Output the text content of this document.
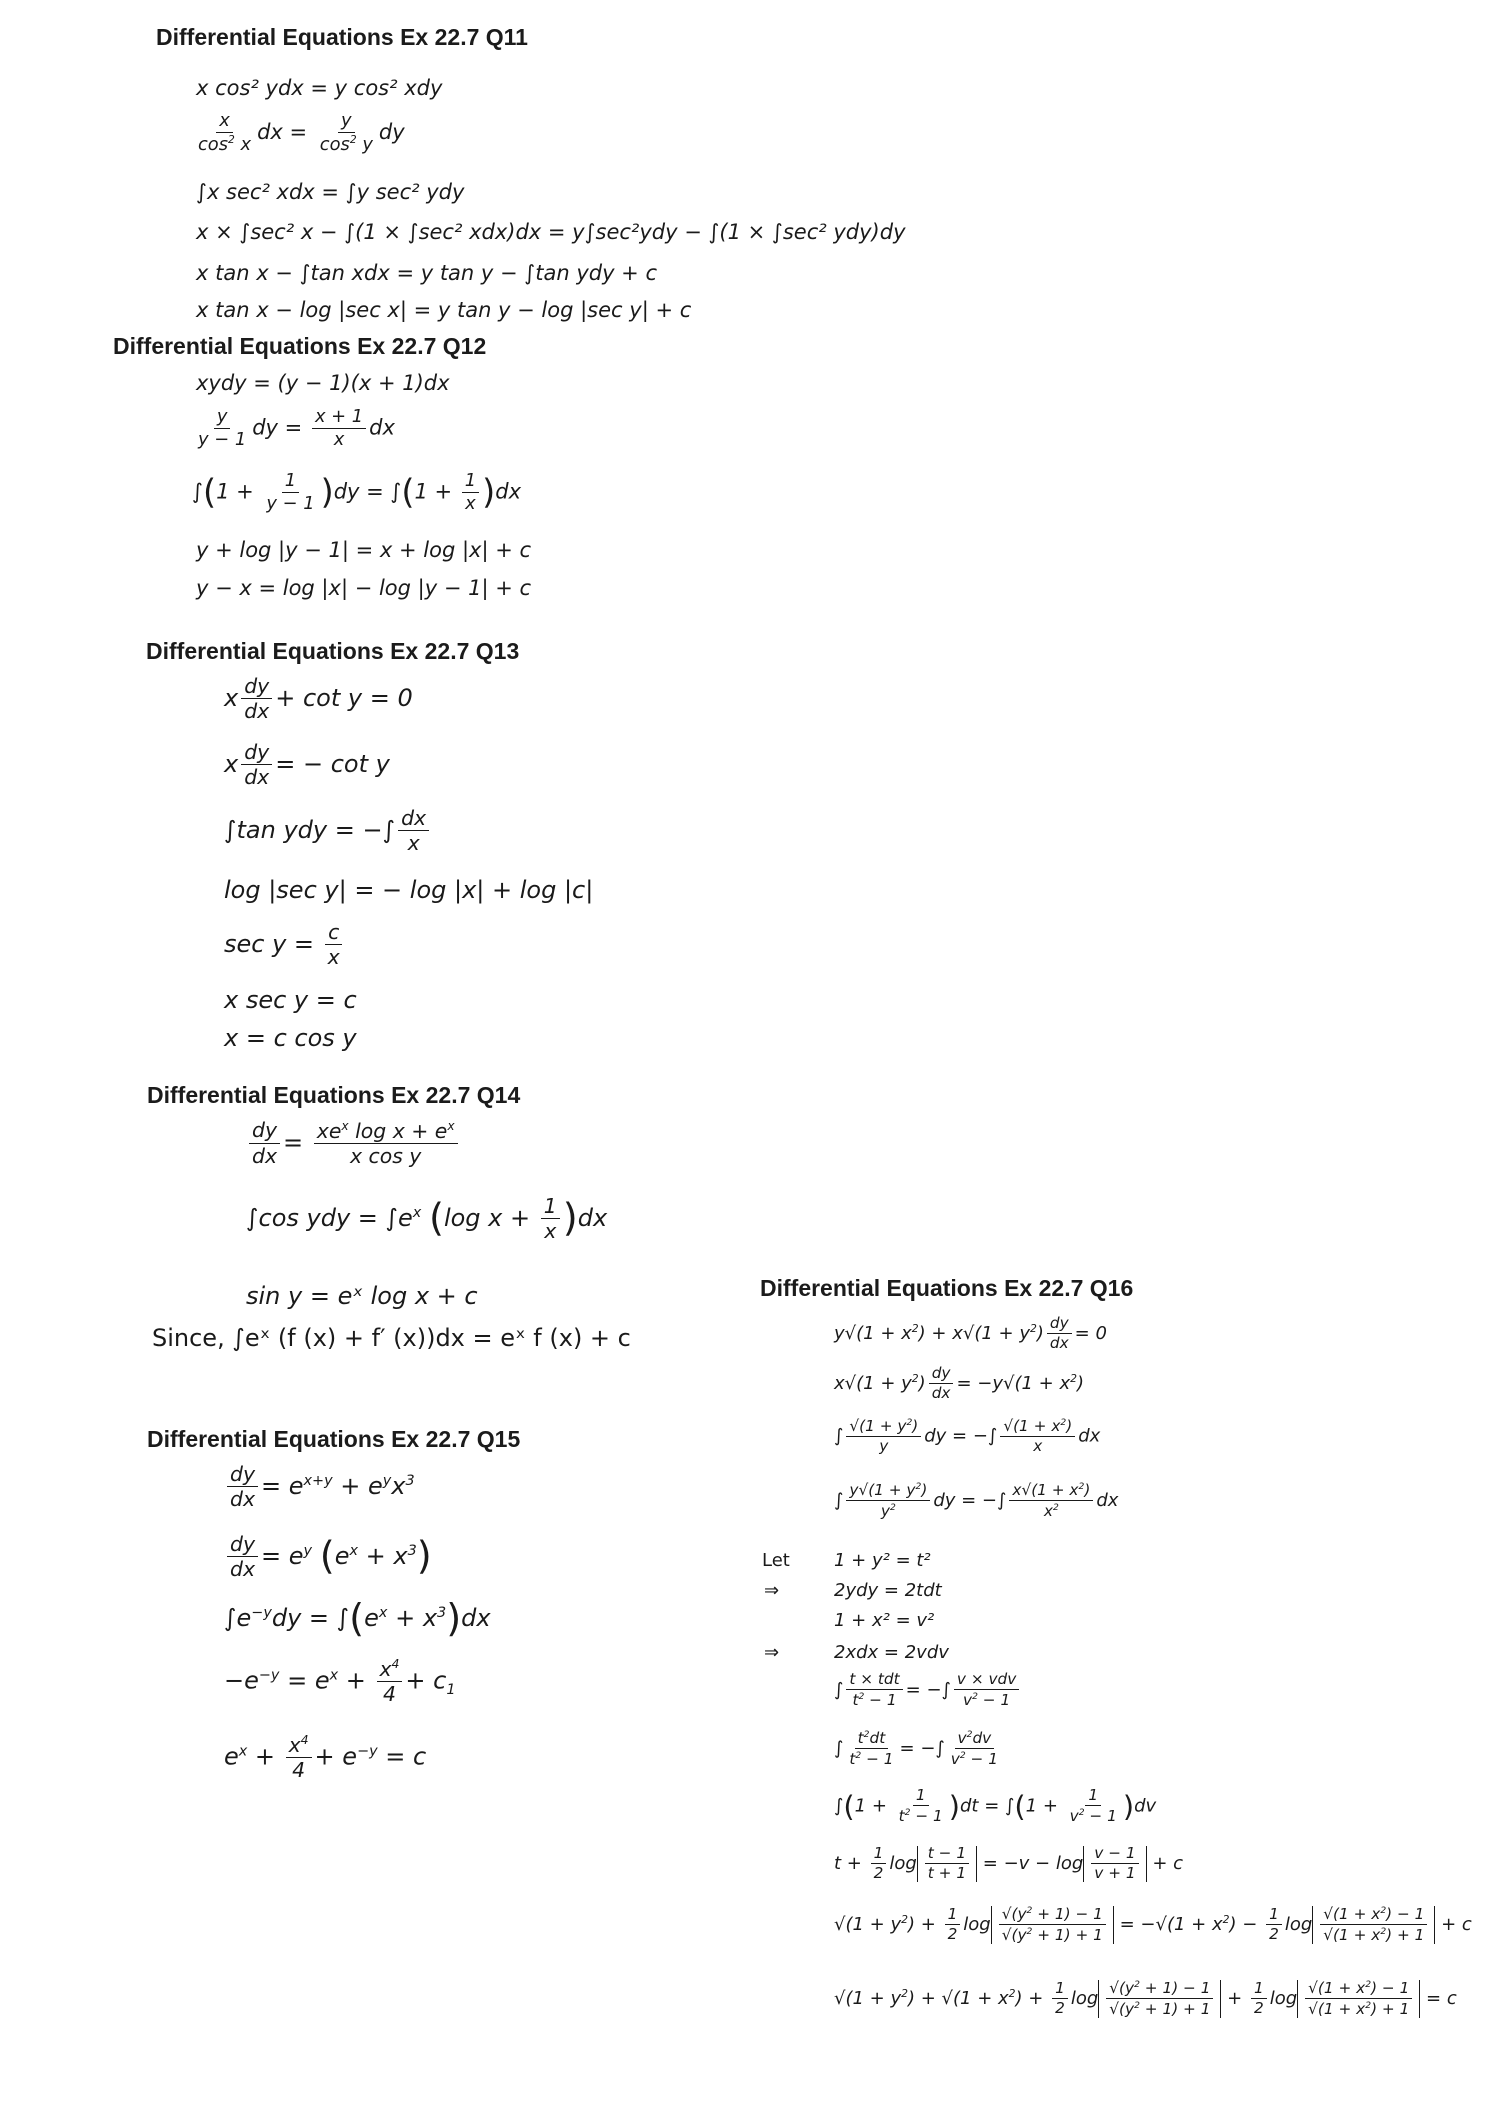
Differential Equations Ex 22.7 Q11
x cos² ydx = y cos² xdy
$\frac{x}{\cos^2 x}$ dx = $\frac{y}{\cos^2 y}$ dy
∫x sec² xdx = ∫y sec² ydy
x × ∫sec² x − ∫(1 × ∫sec² xdx)dx = y∫sec²ydy − ∫(1 × ∫sec² ydy)dy
x tan x − ∫tan xdx = y tan y − ∫tan ydy + c
x tan x − log |sec x| = y tan y − log |sec y| + c
Differential Equations Ex 22.7 Q12
xydy = (y − 1)(x + 1)dx
$\frac{y}{y - 1}$ dy = $\frac{x + 1}{x}$ dx
$\int(1 + \frac{1}{y - 1} )dy = \int(1 + \frac{1}{x} )dx$
y + log |y − 1| = x + log |x| + c
y − x = log |x| − log |y − 1| + c
Differential Equations Ex 22.7 Q13
x $\frac{dy}{dx} + \cot y = 0$
x $\frac{dy}{dx}$ = − cot y
∫tan ydy = −∫ $\frac{dx}{x}$
log |sec y| = − log |x| + log |c|
$\sec y = \frac{c}{x}$
x sec y = c
x = c cos y
Differential Equations Ex 22.7 Q14
$\frac{dy}{dx} = xe^x$ $\log x + e^x$
x cos y
∫cos ydy = $\int e^x$ (log $x + \frac{1}{x} )dx$
sin y = eˣ log x + c
Since, ∫eˣ (f (x) + f′ (x))dx = eˣ f (x) + c
Differential Equations Ex 22.7 Q15
$\frac{dy}{dx} = e^{x+y} + e^yx^3$
$\frac{dy}{dx} = e^y$ $(e^x + x^3)$
$\int e^{-y}dy = \int(e^x + x^3)dx$
$-e^{-y} = e^x + \frac{x^4}{4} + c_1$
$e^x + \frac{x^4}{4} + e^{-y} = c$
Differential Equations Ex 22.7 Q16
$y√(1 + x^2) + x√(1 + y^2) \frac{dy}{dx} = 0$
$x√(1 + y^2) \frac{dy}{dx} = -y√(1 + x^2)$
∫ $\frac{√(1 + y^2)}{y}$ dy = −∫ $\frac{√(1 + x^2)}{x}$ dx
∫ $\frac{y√(1 + y^2)}{y^2}$ dy = −∫ $\frac{x√(1 + x^2)}{x^2}$ dx
Let 1 + y² = t²
⇒	2ydy = 2tdt
1 + x² = v²
⇒	2xdx = 2vdv
∫
t × tdt
$t^2 - 1$
= −∫
v × vdv
$v^2 - 1$
∫ $\frac{t^2dt}{t^2 - 1}$ = −∫ $\frac{v^2dv}{v^2 - 1}$
$\int(1 + \frac{1}{t^2 - 1} )dt = \int(1 + \frac{1}{v^2 - 1} )dv$
$t + \frac{1}{2}$ $\log \frac{t - 1}{t + 1} = -v - \log \frac{v - 1}{v + 1} + c$
$√(1 + y^2) + \frac{1}{2}$ $\log \frac{√(y^2 + 1) - 1}{√(y^2 + 1) + 1} = -√(1 + x^2) - \frac{1}{2}$ $\log \frac{√(1 + x^2) - 1}{√(1 + x^2) + 1} + c$
$√(1 + y^2) + √(1 + x^2) + \frac{1}{2}$ $\log \frac{√(y^2 + 1) - 1}{√(y^2 + 1) + 1} + \frac{1}{2}$ $\log \frac{√(1 + x^2) - 1}{√(1 + x^2) + 1} = c$
